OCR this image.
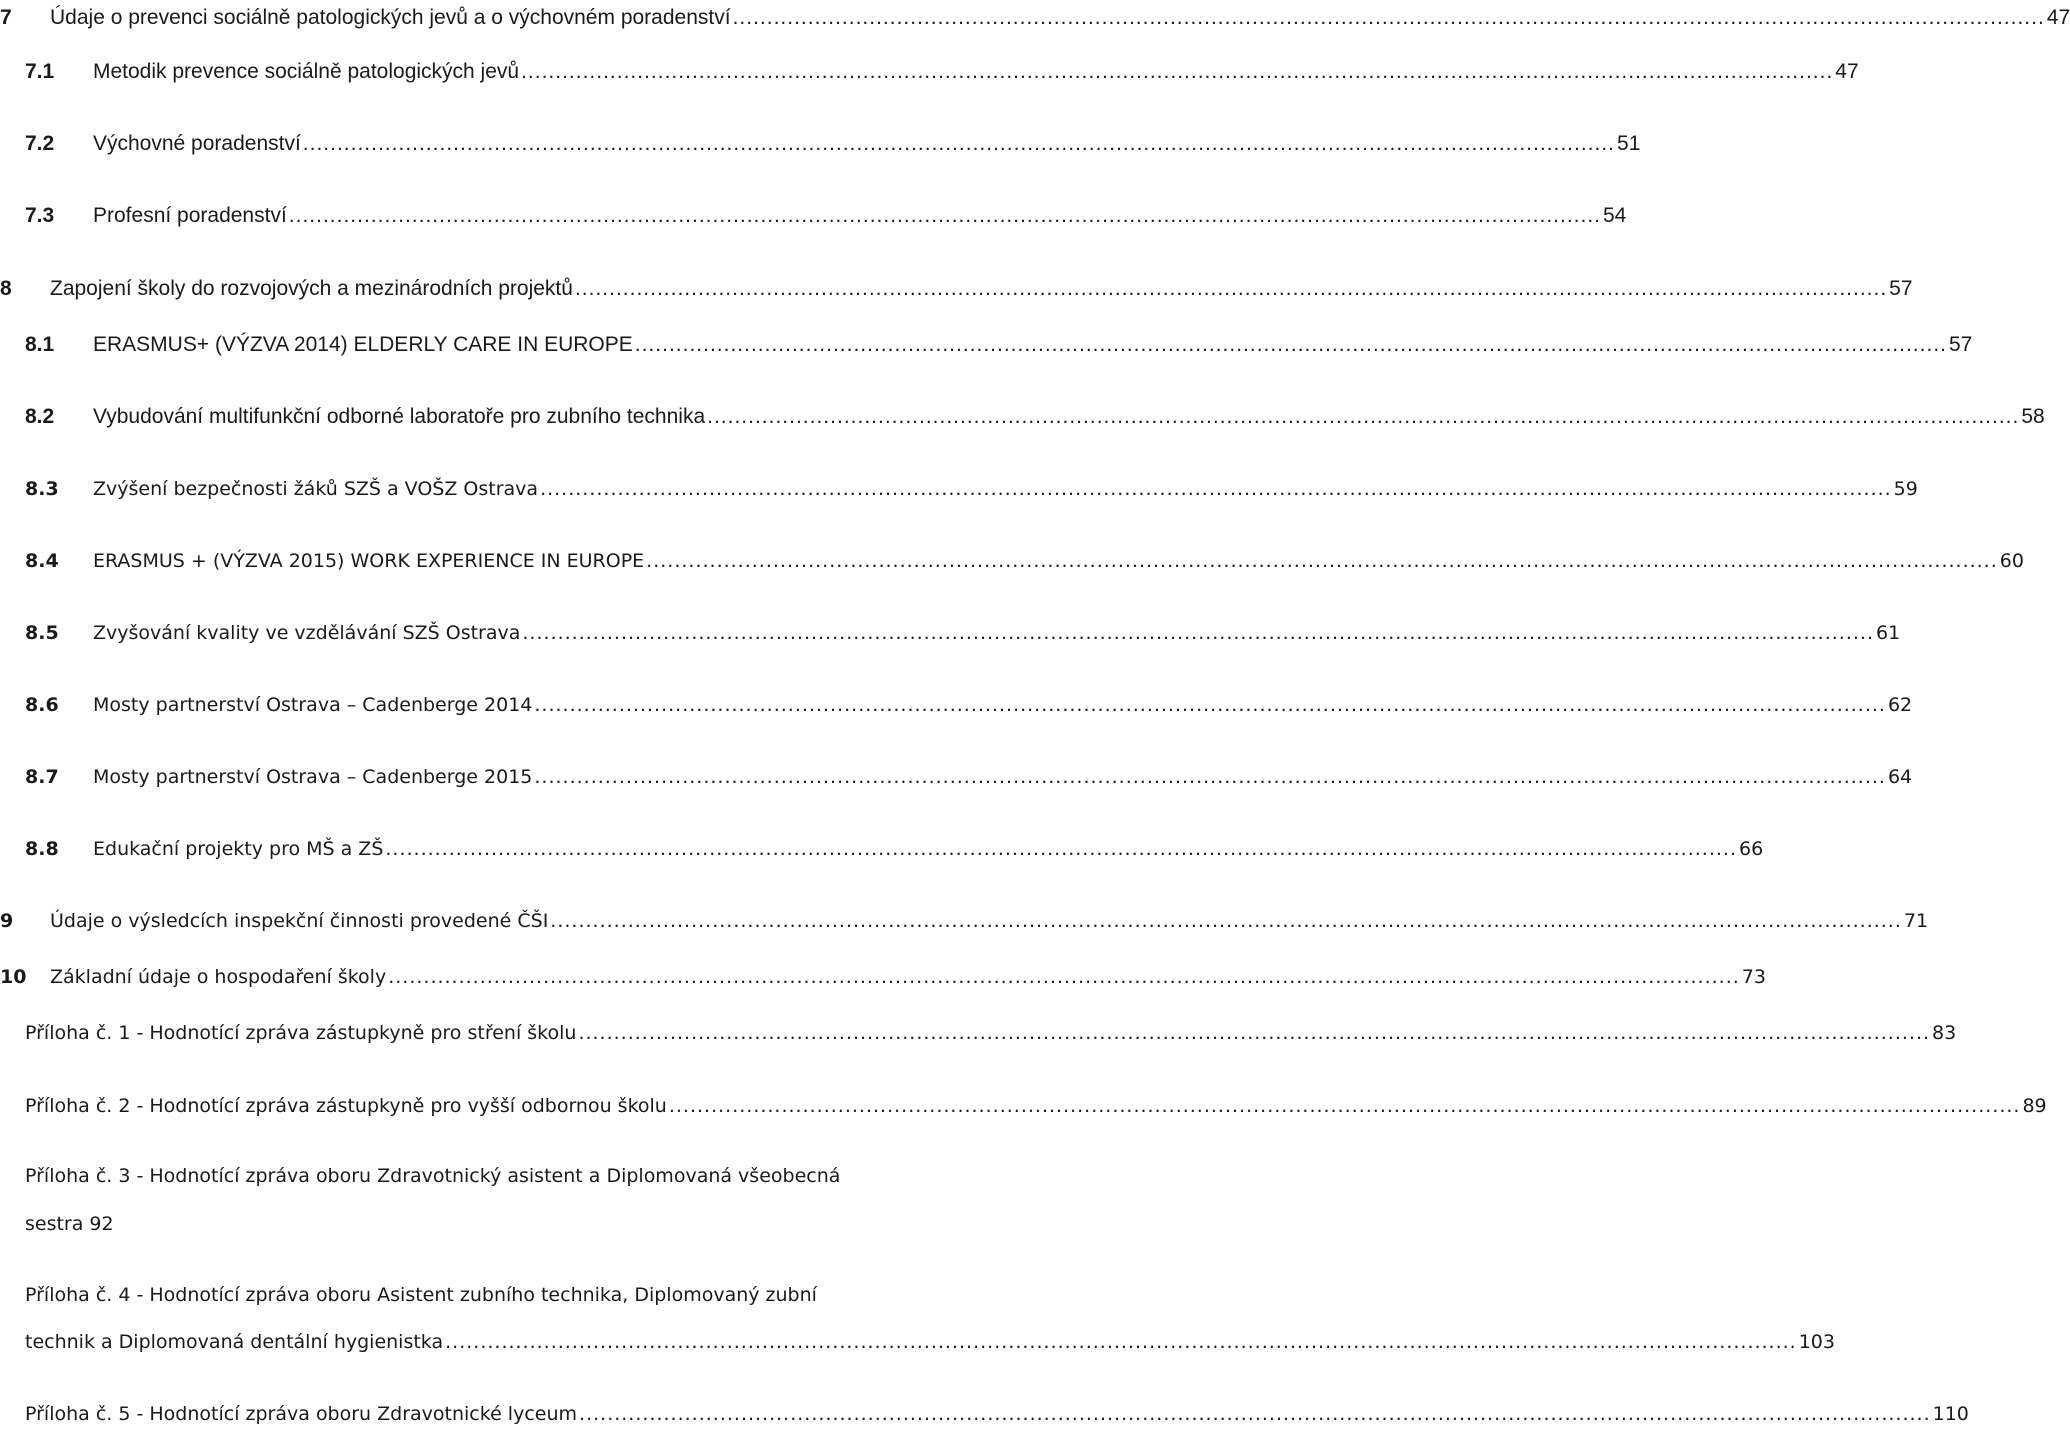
7	Údaje o prevenci sociálně patologických jevů a o výchovném poradenství ................................................................................................................................................................................................ 47
7.1	Metodik prevence sociálně patologických jevů ................................................................................................................................................................................................ 47
7.2	Výchovné poradenství ................................................................................................................................................................................................ 51
7.3	Profesní poradenství ................................................................................................................................................................................................ 54
8	Zapojení školy do rozvojových a mezinárodních projektů ................................................................................................................................................................................................ 57
8.1	ERASMUS+ (VÝZVA 2014) ELDERLY CARE IN EUROPE ................................................................................................................................................................................................ 57
8.2	Vybudování multifunkční odborné laboratoře pro zubního technika ................................................................................................................................................................................................ 58
8.3	Zvýšení bezpečnosti žáků SZŠ a VOŠZ Ostrava ................................................................................................................................................................................................ 59
8.4	ERASMUS + (VÝZVA 2015) WORK EXPERIENCE IN EUROPE ................................................................................................................................................................................................ 60
8.5	Zvyšování kvality ve vzdělávání SZŠ Ostrava ................................................................................................................................................................................................ 61
8.6	Mosty partnerství Ostrava – Cadenberge 2014 ................................................................................................................................................................................................ 62
8.7	Mosty partnerství Ostrava – Cadenberge 2015 ................................................................................................................................................................................................ 64
8.8	Edukační projekty pro MŠ a ZŠ ................................................................................................................................................................................................ 66
9	Údaje o výsledcích inspekční činnosti provedené ČŠI ................................................................................................................................................................................................ 71
10	Základní údaje o hospodaření školy ................................................................................................................................................................................................ 73
Příloha č. 1 - Hodnotící zpráva zástupkyně pro stření školu ................................................................................................................................................................................................ 83
Příloha č. 2 - Hodnotící zpráva zástupkyně pro vyšší odbornou školu ................................................................................................................................................................................................ 89
Příloha č. 3 - Hodnotící zpráva oboru Zdravotnický asistent a Diplomovaná všeobecná
sestra 92
Příloha č. 4 - Hodnotící zpráva oboru Asistent zubního technika, Diplomovaný zubní
technik a Diplomovaná dentální hygienistka ................................................................................................................................................................................................ 103
Příloha č. 5 - Hodnotící zpráva oboru Zdravotnické lyceum ................................................................................................................................................................................................ 110
